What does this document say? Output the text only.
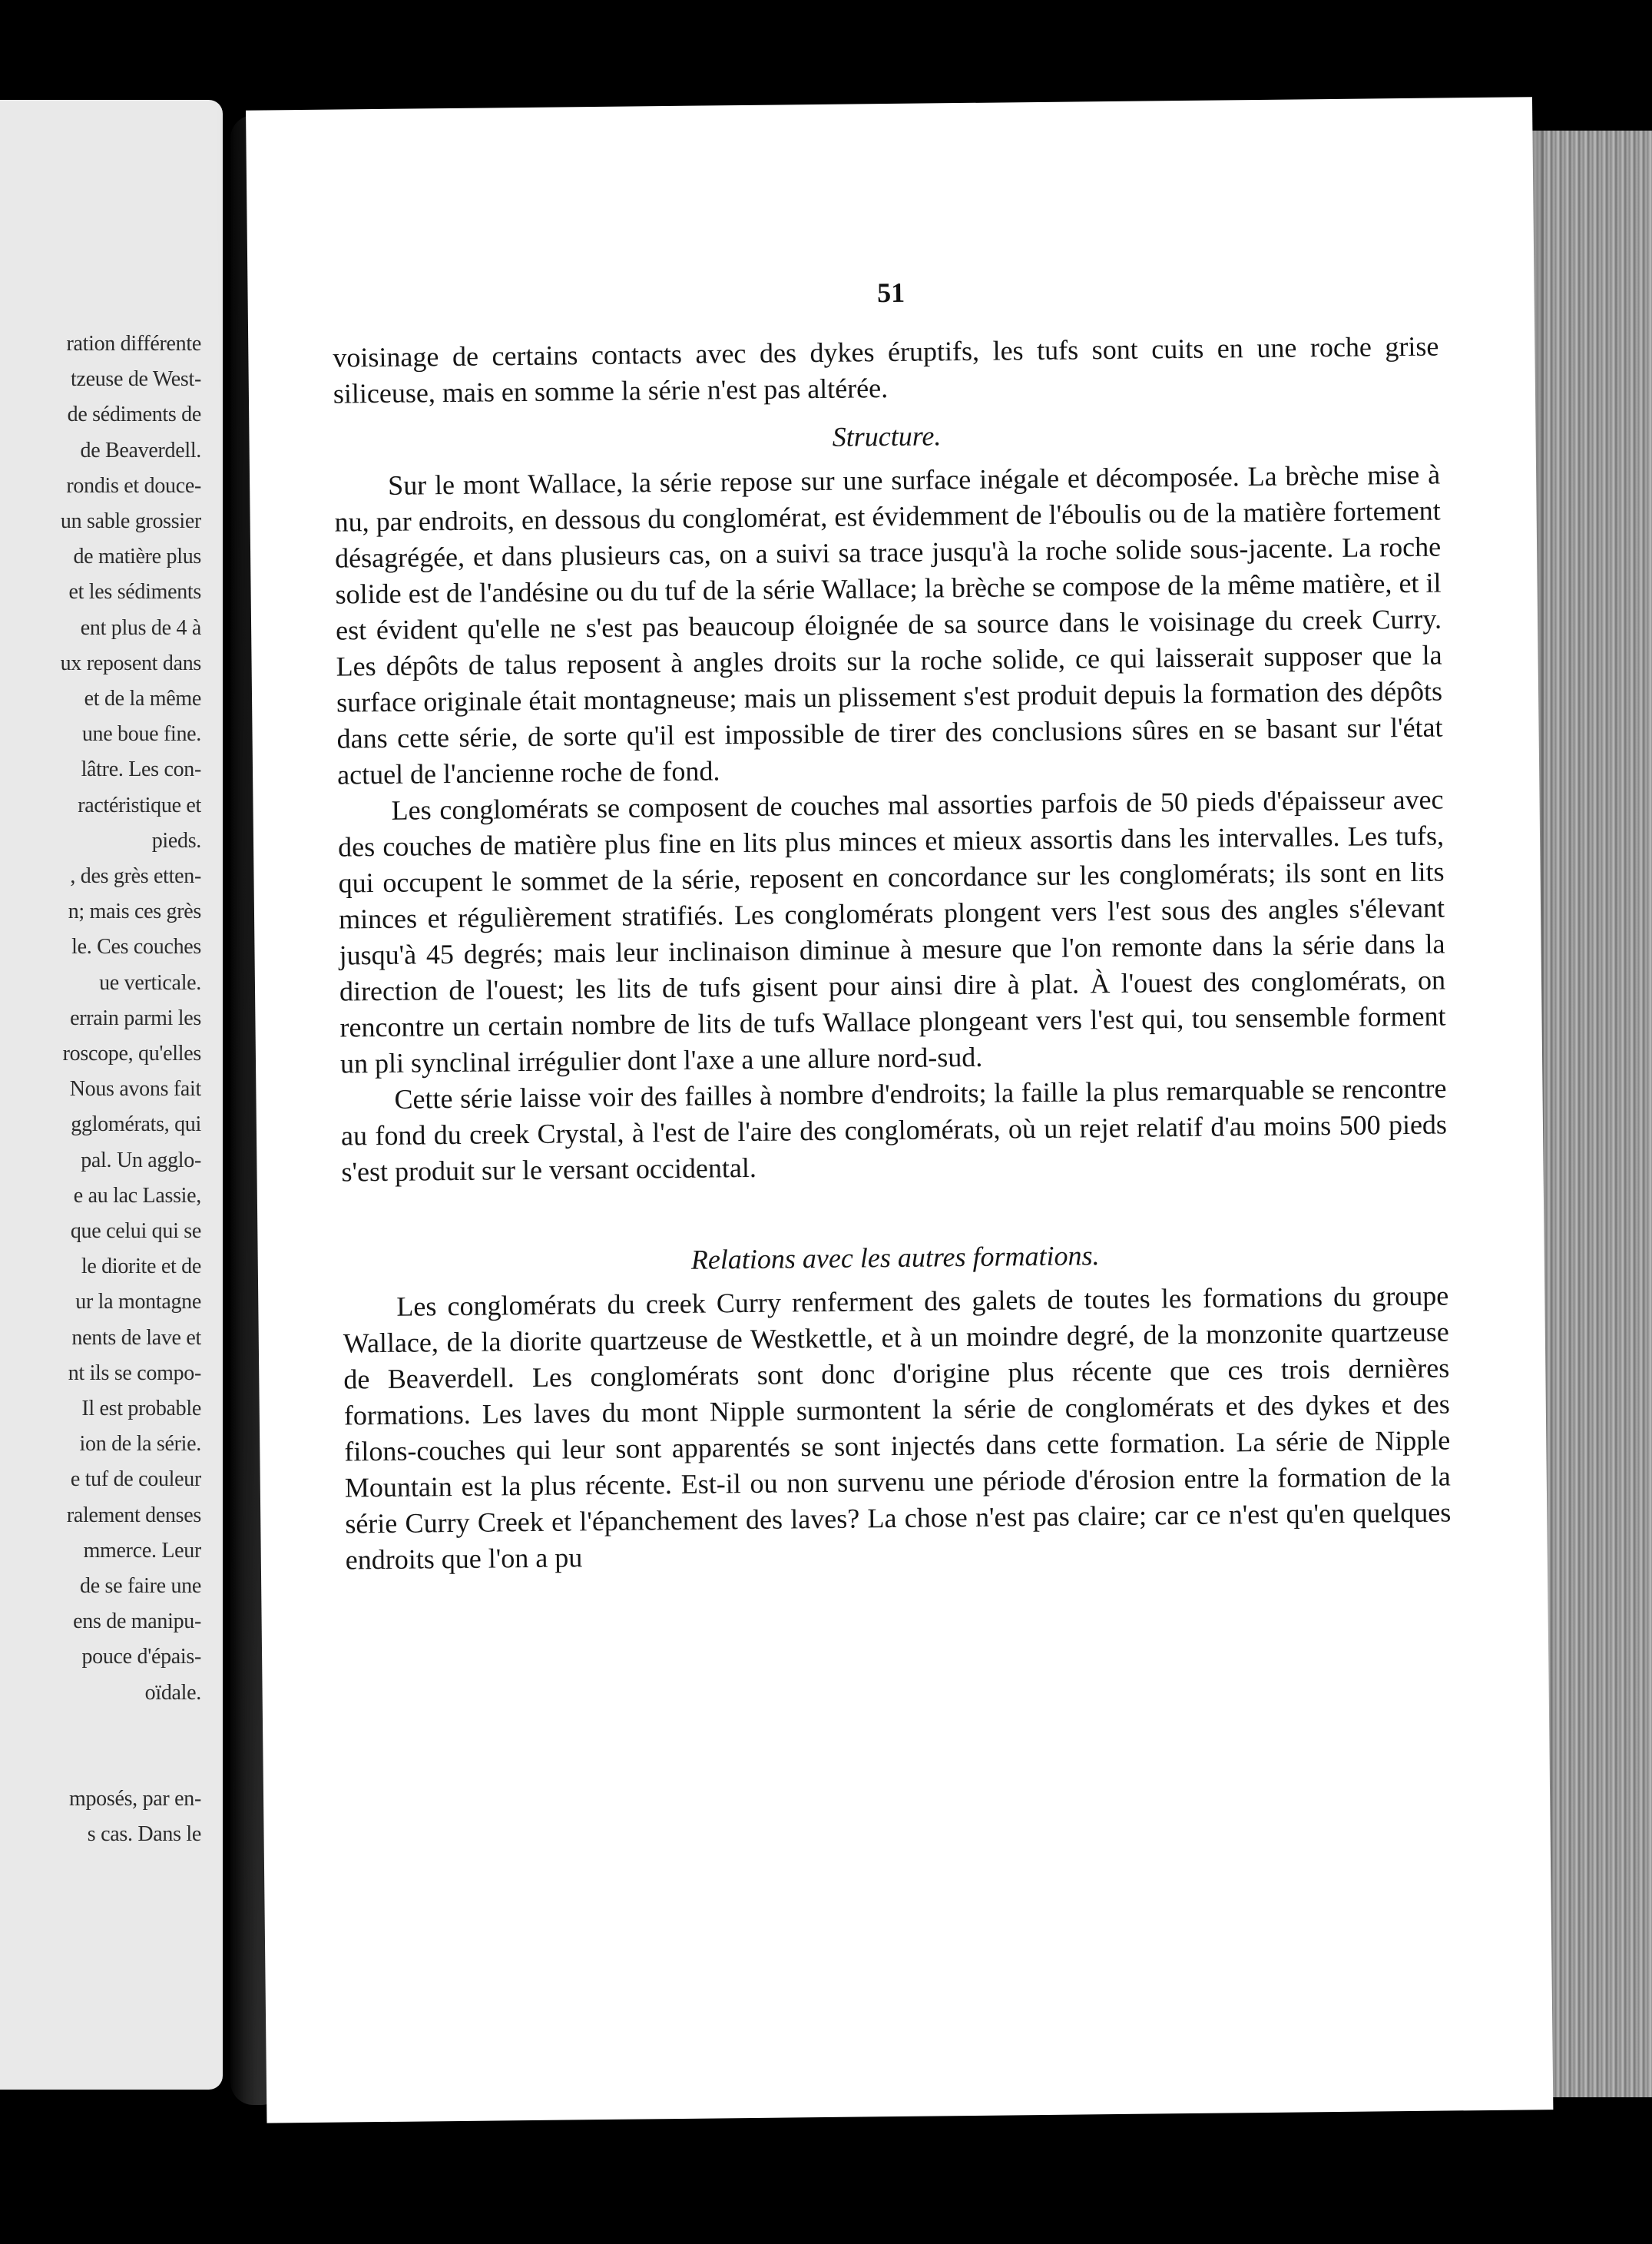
ration différente
tzeuse de West-
de sédiments de
de Beaverdell.
rondis et douce-
un sable grossier
de matière plus
et les sédiments
ent plus de 4 à
ux reposent dans
et de la même
une boue fine.
lâtre. Les con-
ractéristique et
pieds.
, des grès etten-
n; mais ces grès
le. Ces couches
ue verticale.
errain parmi les
roscope, qu'elles
Nous avons fait
gglomérats, qui
pal. Un agglo-
e au lac Lassie,
que celui qui se
le diorite et de
ur la montagne
nents de lave et
nt ils se compo-
Il est probable
ion de la série.
e tuf de couleur
ralement denses
mmerce. Leur
de se faire une
ens de manipu-
pouce d'épais-
oïdale.
mposés, par en-
s cas. Dans le
51

voisinage de certains contacts avec des dykes éruptifs, les tufs sont cuits en une roche grise siliceuse, mais en somme la série n'est pas altérée.

Structure.

Sur le mont Wallace, la série repose sur une surface inégale et décomposée. La brèche mise à nu, par endroits, en dessous du conglomérat, est évidemment de l'éboulis ou de la matière fortement désagrégée, et dans plusieurs cas, on a suivi sa trace jusqu'à la roche solide sous-jacente. La roche solide est de l'andésine ou du tuf de la série Wallace; la brèche se compose de la même matière, et il est évident qu'elle ne s'est pas beaucoup éloignée de sa source dans le voisinage du creek Curry. Les dépôts de talus reposent à angles droits sur la roche solide, ce qui laisserait supposer que la surface originale était montagneuse; mais un plissement s'est produit depuis la formation des dépôts dans cette série, de sorte qu'il est impossible de tirer des conclusions sûres en se basant sur l'état actuel de l'ancienne roche de fond.

Les conglomérats se composent de couches mal assorties parfois de 50 pieds d'épaisseur avec des couches de matière plus fine en lits plus minces et mieux assortis dans les intervalles. Les tufs, qui occupent le sommet de la série, reposent en concordance sur les conglomérats; ils sont en lits minces et régulièrement stratifiés. Les conglomérats plongent vers l'est sous des angles s'élevant jusqu'à 45 degrés; mais leur inclinaison diminue à mesure que l'on remonte dans la série dans la direction de l'ouest; les lits de tufs gisent pour ainsi dire à plat. À l'ouest des conglomérats, on rencontre un certain nombre de lits de tufs Wallace plongeant vers l'est qui, tou sensemble forment un pli synclinal irrégulier dont l'axe a une allure nord-sud.

Cette série laisse voir des failles à nombre d'endroits; la faille la plus remarquable se rencontre au fond du creek Crystal, à l'est de l'aire des conglomérats, où un rejet relatif d'au moins 500 pieds s'est produit sur le versant occidental.

Relations avec les autres formations.

Les conglomérats du creek Curry renferment des galets de toutes les formations du groupe Wallace, de la diorite quartzeuse de Westkettle, et à un moindre degré, de la monzonite quartzeuse de Beaverdell. Les conglomérats sont donc d'origine plus récente que ces trois dernières formations. Les laves du mont Nipple surmontent la série de conglomérats et des dykes et des filons-couches qui leur sont apparentés se sont injectés dans cette formation. La série de Nipple Mountain est la plus récente. Est-il ou non survenu une période d'érosion entre la formation de la série Curry Creek et l'épanchement des laves? La chose n'est pas claire; car ce n'est qu'en quelques endroits que l'on a pu
